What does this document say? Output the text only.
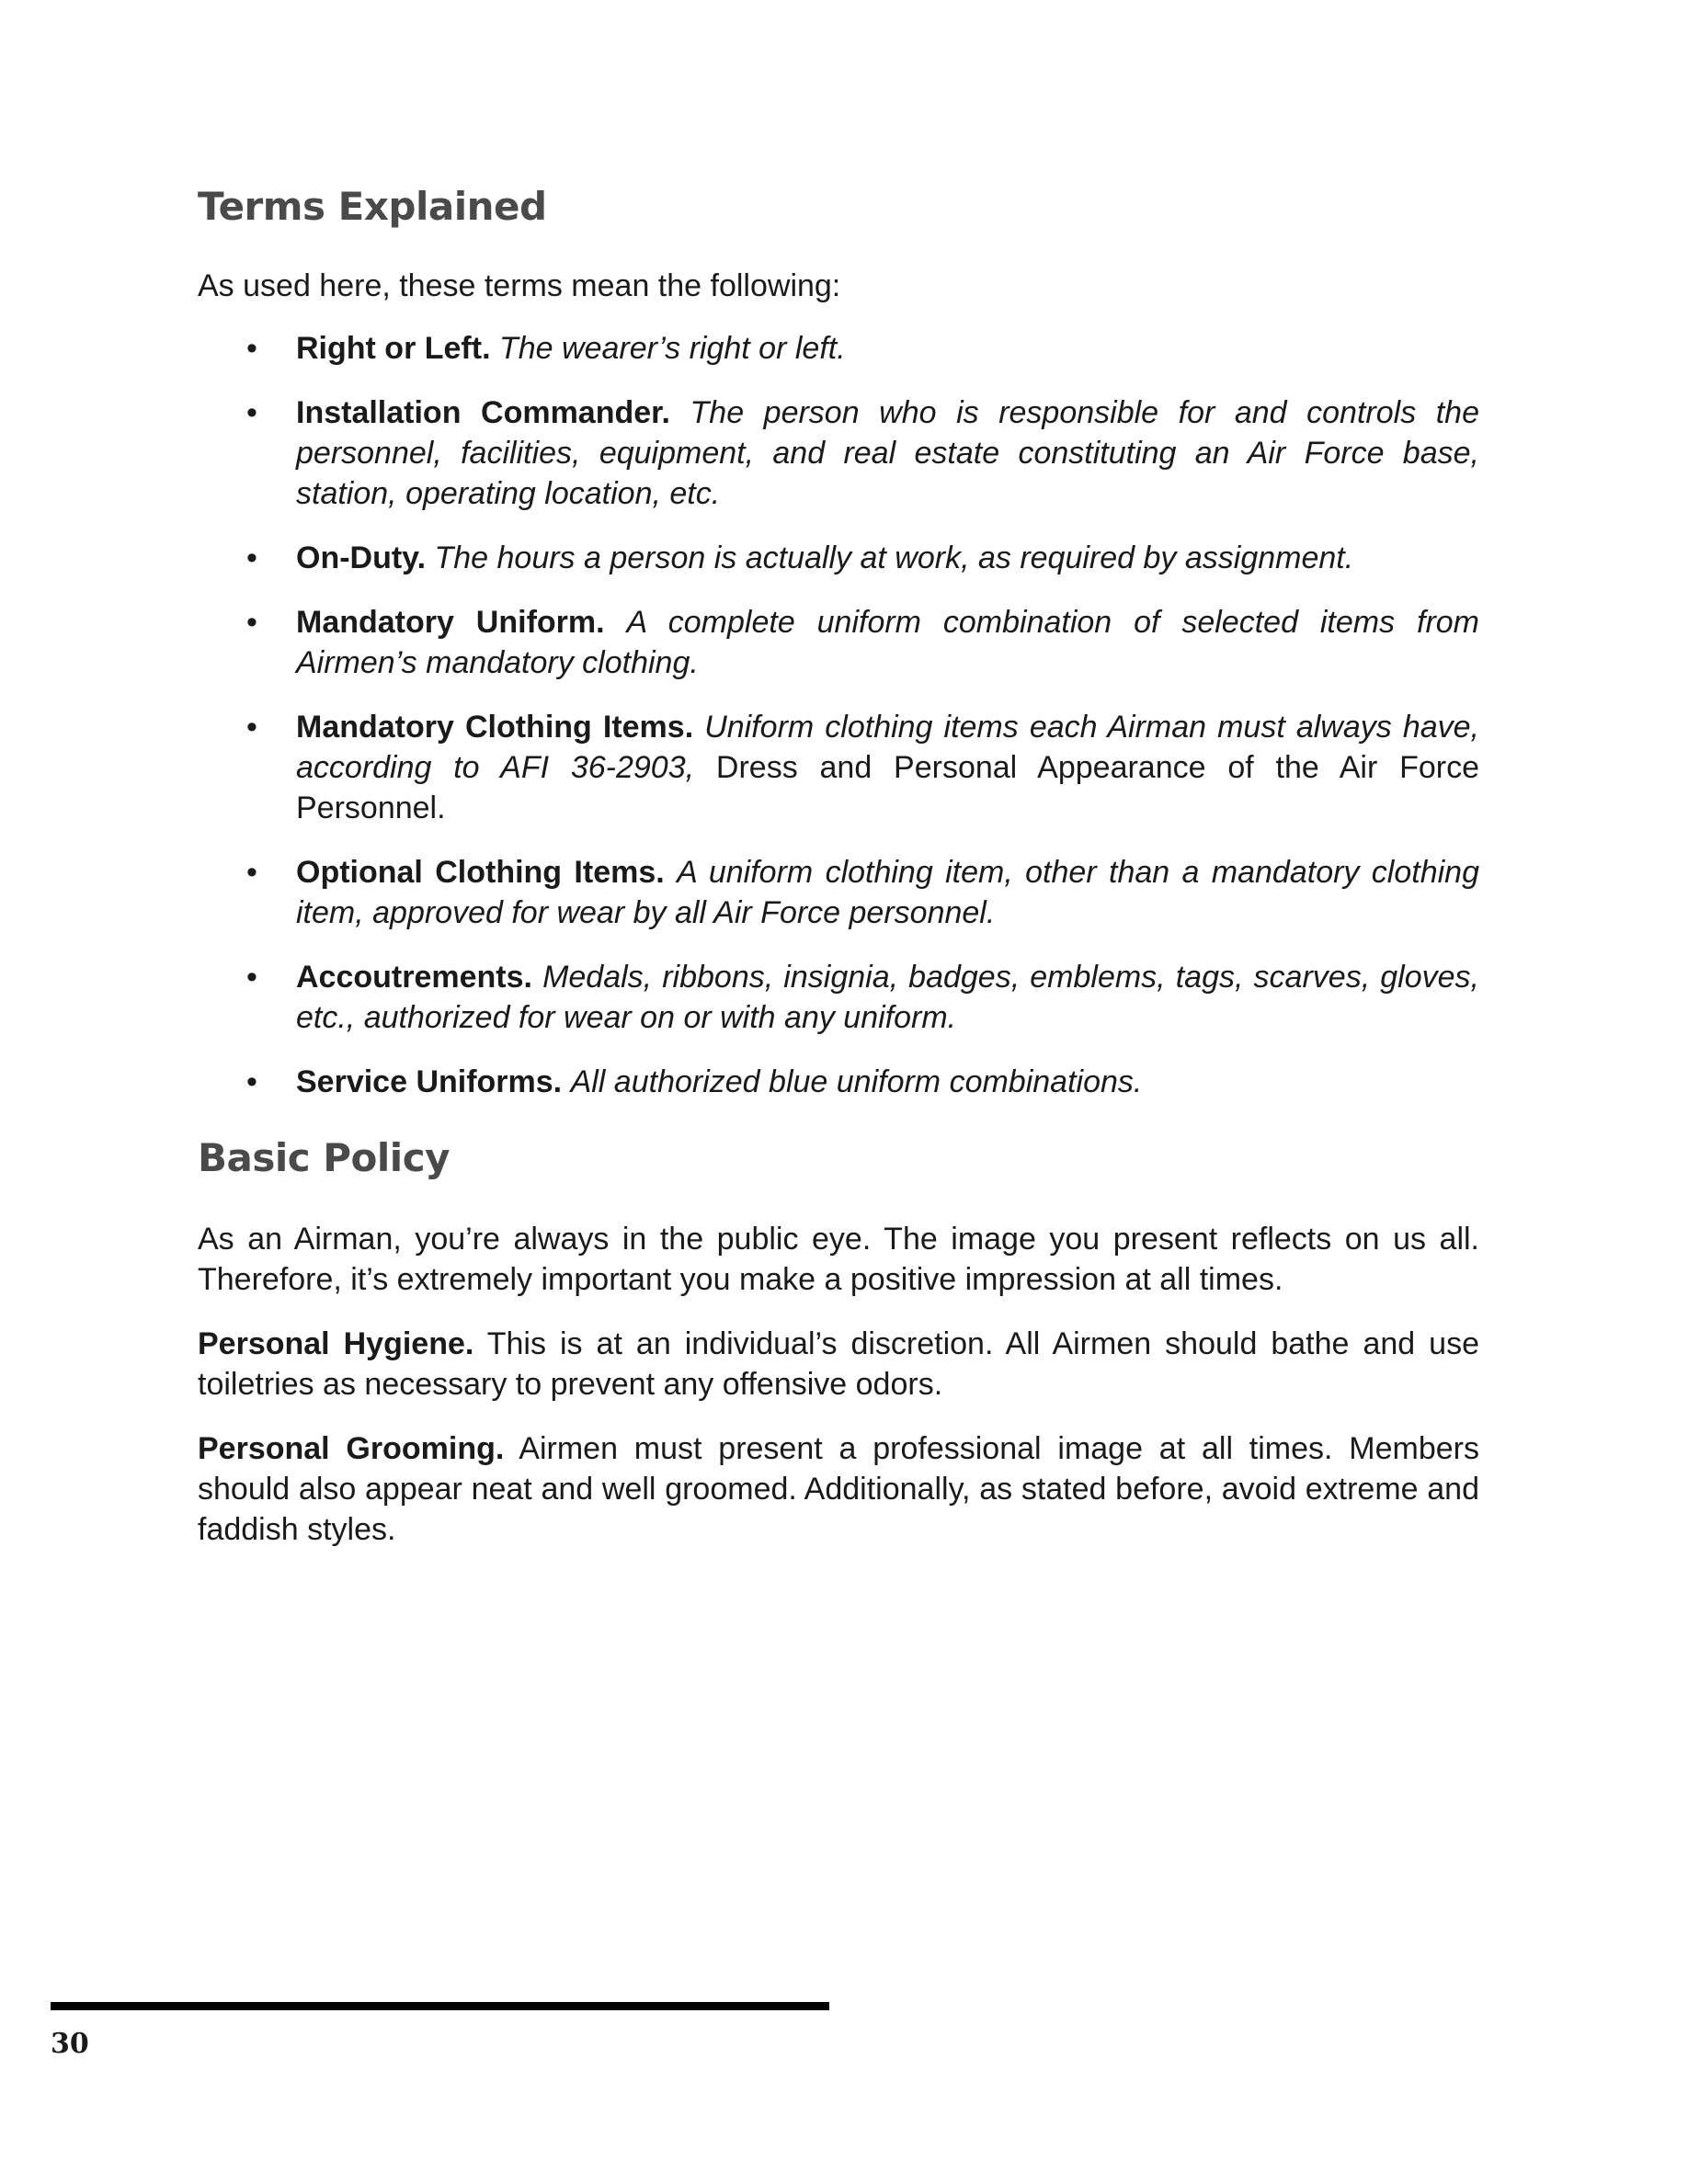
Terms Explained

As used here, these terms mean the following:

• Right or Left. The wearer’s right or left.
• Installation Commander. The person who is responsible for and controls the personnel, facilities, equipment, and real estate constituting an Air Force base, station, operating location, etc.
• On-Duty. The hours a person is actually at work, as required by assignment.
• Mandatory Uniform. A complete uniform combination of selected items from Airmen’s mandatory clothing.
• Mandatory Clothing Items. Uniform clothing items each Airman must always have, according to AFI 36-2903, Dress and Personal Appearance of the Air Force Personnel.
• Optional Clothing Items. A uniform clothing item, other than a mandatory clothing item, approved for wear by all Air Force personnel.
• Accoutrements. Medals, ribbons, insignia, badges, emblems, tags, scarves, gloves, etc., authorized for wear on or with any uniform.
• Service Uniforms. All authorized blue uniform combinations.
Basic Policy

As an Airman, you’re always in the public eye. The image you present reflects on us all. Therefore, it’s extremely important you make a positive impression at all times.

Personal Hygiene. This is at an individual’s discretion. All Airmen should bathe and use toiletries as necessary to prevent any offensive odors.

Personal Grooming. Airmen must present a professional image at all times. Members should also appear neat and well groomed. Additionally, as stated before, avoid extreme and faddish styles.

30
